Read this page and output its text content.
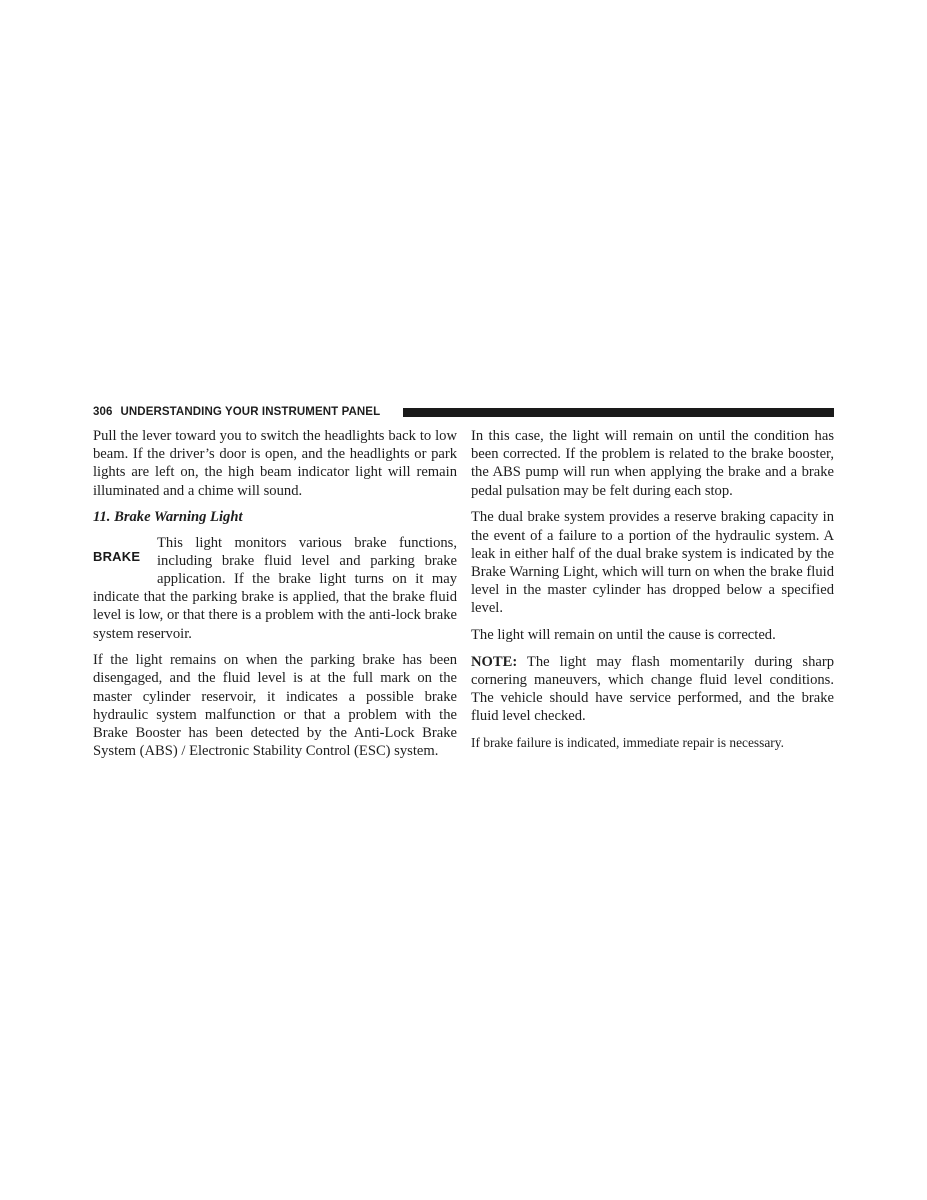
306 UNDERSTANDING YOUR INSTRUMENT PANEL

Pull the lever toward you to switch the headlights back to low beam. If the driver’s door is open, and the headlights or park lights are left on, the high beam indicator light will remain illuminated and a chime will sound.

11. Brake Warning Light

BRAKE
This light monitors various brake functions, including brake fluid level and parking brake application. If the brake light turns on it may indicate that the parking brake is applied, that the brake fluid level is low, or that there is a problem with the anti-lock brake system reservoir.

If the light remains on when the parking brake has been disengaged, and the fluid level is at the full mark on the master cylinder reservoir, it indicates a possible brake hydraulic system malfunction or that a problem with the Brake Booster has been detected by the Anti-Lock Brake System (ABS) / Electronic Stability Control (ESC) system.

In this case, the light will remain on until the condition has been corrected. If the problem is related to the brake booster, the ABS pump will run when applying the brake and a brake pedal pulsation may be felt during each stop.

The dual brake system provides a reserve braking capacity in the event of a failure to a portion of the hydraulic system. A leak in either half of the dual brake system is indicated by the Brake Warning Light, which will turn on when the brake fluid level in the master cylinder has dropped below a specified level.

The light will remain on until the cause is corrected.

NOTE: The light may flash momentarily during sharp cornering maneuvers, which change fluid level conditions. The vehicle should have service performed, and the brake fluid level checked.

If brake failure is indicated, immediate repair is necessary.
